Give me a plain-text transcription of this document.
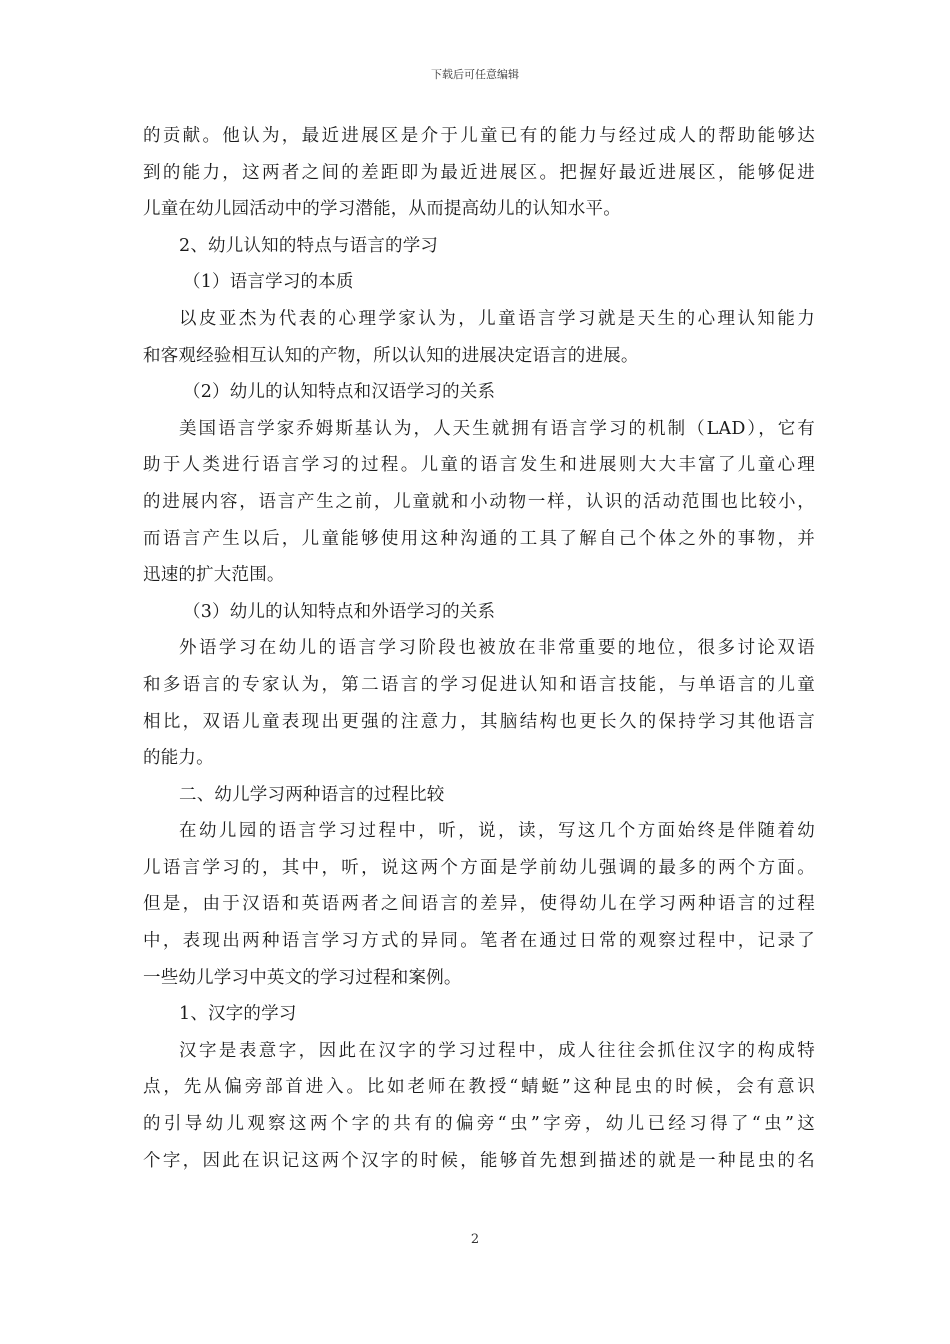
下载后可任意编辑
的贡献。他认为，最近进展区是介于儿童已有的能力与经过成人的帮助能够达
到的能力，这两者之间的差距即为最近进展区。把握好最近进展区，能够促进
儿童在幼儿园活动中的学习潜能，从而提高幼儿的认知水平。
2、幼儿认知的特点与语言的学习
（1）语言学习的本质
以皮亚杰为代表的心理学家认为，儿童语言学习就是天生的心理认知能力
和客观经验相互认知的产物，所以认知的进展决定语言的进展。
（2）幼儿的认知特点和汉语学习的关系
美国语言学家乔姆斯基认为，人天生就拥有语言学习的机制（LAD），它有
助于人类进行语言学习的过程。儿童的语言发生和进展则大大丰富了儿童心理
的进展内容，语言产生之前，儿童就和小动物一样，认识的活动范围也比较小，
而语言产生以后，儿童能够使用这种沟通的工具了解自己个体之外的事物，并
迅速的扩大范围。
（3）幼儿的认知特点和外语学习的关系
外语学习在幼儿的语言学习阶段也被放在非常重要的地位，很多讨论双语
和多语言的专家认为，第二语言的学习促进认知和语言技能，与单语言的儿童
相比，双语儿童表现出更强的注意力，其脑结构也更长久的保持学习其他语言
的能力。
二、幼儿学习两种语言的过程比较
在幼儿园的语言学习过程中，听，说，读，写这几个方面始终是伴随着幼
儿语言学习的，其中，听，说这两个方面是学前幼儿强调的最多的两个方面。
但是，由于汉语和英语两者之间语言的差异，使得幼儿在学习两种语言的过程
中，表现出两种语言学习方式的异同。笔者在通过日常的观察过程中，记录了
一些幼儿学习中英文的学习过程和案例。
1、汉字的学习
汉字是表意字，因此在汉字的学习过程中，成人往往会抓住汉字的构成特
点，先从偏旁部首进入。比如老师在教授“蜻蜓”这种昆虫的时候，会有意识
的引导幼儿观察这两个字的共有的偏旁“虫”字旁，幼儿已经习得了“虫”这
个字，因此在识记这两个汉字的时候，能够首先想到描述的就是一种昆虫的名
2
